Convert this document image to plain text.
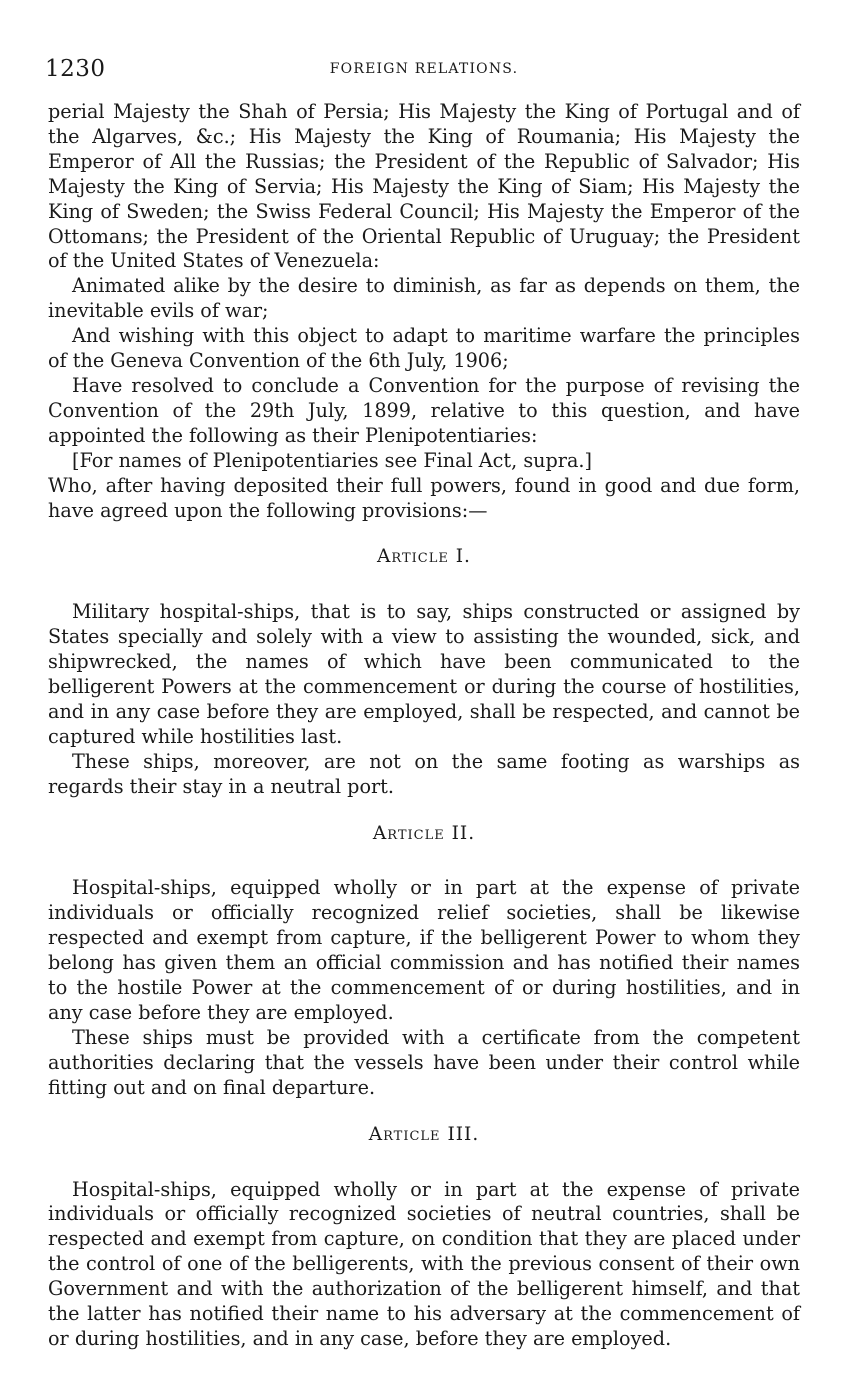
1230	FOREIGN RELATIONS.

perial Majesty the Shah of Persia; His Majesty the King of Portugal and of the Algarves, &c.; His Majesty the King of Roumania; His Majesty the Emperor of All the Russias; the President of the Republic of Salvador; His Majesty the King of Servia; His Majesty the King of Siam; His Majesty the King of Sweden; the Swiss Federal Council; His Majesty the Emperor of the Ottomans; the President of the Oriental Republic of Uruguay; the President of the United States of Venezuela:

Animated alike by the desire to diminish, as far as depends on them, the inevitable evils of war;

And wishing with this object to adapt to maritime warfare the principles of the Geneva Convention of the 6th July, 1906;

Have resolved to conclude a Convention for the purpose of revising the Convention of the 29th July, 1899, relative to this question, and have appointed the following as their Plenipotentiaries:

[For names of Plenipotentiaries see Final Act, supra.]

Who, after having deposited their full powers, found in good and due form, have agreed upon the following provisions:—

Article I.

Military hospital-ships, that is to say, ships constructed or assigned by States specially and solely with a view to assisting the wounded, sick, and shipwrecked, the names of which have been communicated to the belligerent Powers at the commencement or during the course of hostilities, and in any case before they are employed, shall be respected, and cannot be captured while hostilities last.

These ships, moreover, are not on the same footing as warships as regards their stay in a neutral port.

Article II.

Hospital-ships, equipped wholly or in part at the expense of private individuals or officially recognized relief societies, shall be likewise respected and exempt from capture, if the belligerent Power to whom they belong has given them an official commission and has notified their names to the hostile Power at the commencement of or during hostilities, and in any case before they are employed.

These ships must be provided with a certificate from the competent authorities declaring that the vessels have been under their control while fitting out and on final departure.

Article III.

Hospital-ships, equipped wholly or in part at the expense of private individuals or officially recognized societies of neutral countries, shall be respected and exempt from capture, on condition that they are placed under the control of one of the belligerents, with the previous consent of their own Government and with the authorization of the belligerent himself, and that the latter has notified their name to his adversary at the commencement of or during hostilities, and in any case, before they are employed.
